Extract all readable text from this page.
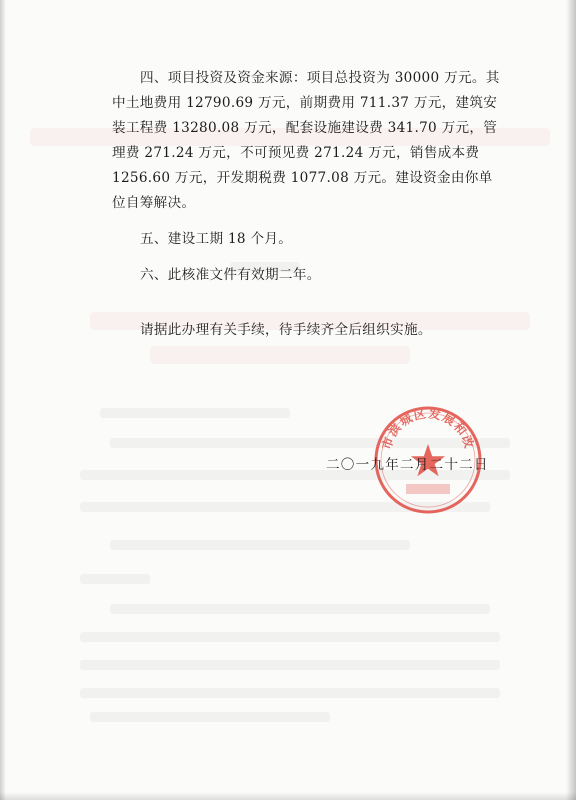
四、项目投资及资金来源：项目总投资为 30000 万元。其中土地费用 12790.69 万元，前期费用 711.37 万元，建筑安装工程费 13280.08 万元，配套设施建设费 341.70 万元，管理费 271.24 万元，不可预见费 271.24 万元，销售成本费 1256.60 万元，开发期税费 1077.08 万元。建设资金由你单位自筹解决。

五、建设工期 18 个月。

六、此核准文件有效期二年。

请据此办理有关手续，待手续齐全后组织实施。

市滨城区发展和改
二〇一九年二月二十二日
